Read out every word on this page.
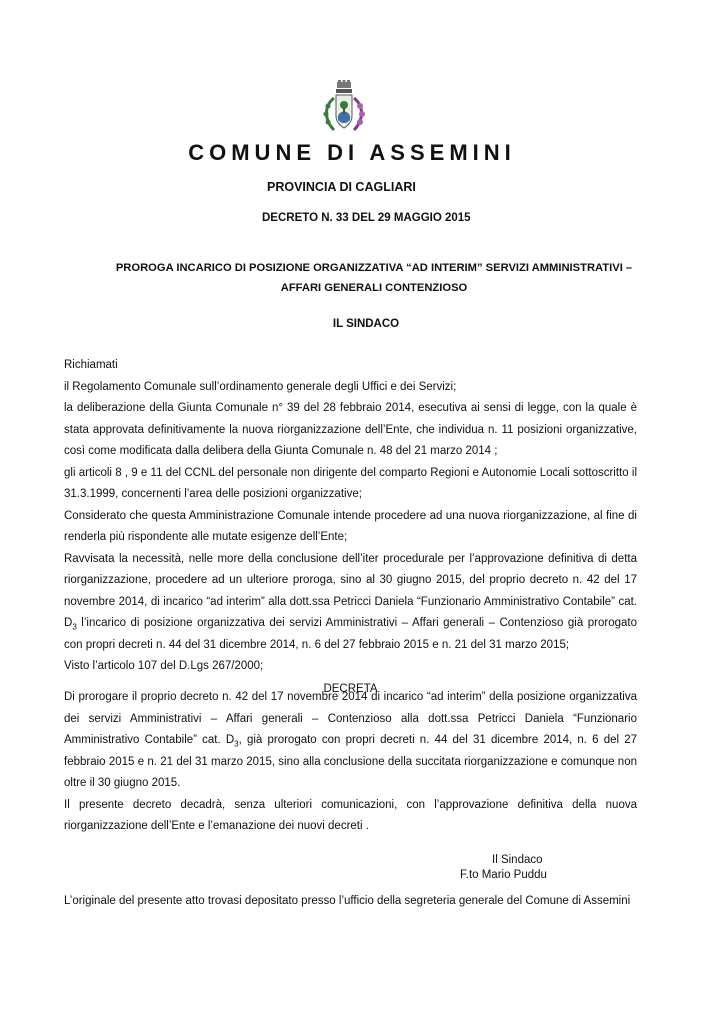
COMUNE DI ASSEMINI
PROVINCIA DI CAGLIARI
DECRETO N. 33 DEL 29 MAGGIO 2015
PROROGA INCARICO DI POSIZIONE ORGANIZZATIVA “AD INTERIM” SERVIZI AMMINISTRATIVI –
AFFARI GENERALI CONTENZIOSO
IL SINDACO

Richiamati

il Regolamento Comunale sull’ordinamento generale degli Uffici e dei Servizi;

la deliberazione della Giunta Comunale n° 39 del 28 febbraio 2014, esecutiva ai sensi di legge, con la quale è stata approvata definitivamente la nuova riorganizzazione dell’Ente, che individua n. 11 posizioni organizzative, così come modificata dalla delibera della Giunta Comunale n. 48 del 21 marzo 2014 ;

gli articoli 8 , 9 e 11 del CCNL del personale non dirigente del comparto Regioni e Autonomie Locali sottoscritto il 31.3.1999, concernenti l’area delle posizioni organizzative;

Considerato che questa Amministrazione Comunale intende procedere ad una nuova riorganizzazione, al fine di renderla più rispondente alle mutate esigenze dell’Ente;

Ravvisata la necessità, nelle more della conclusione dell’iter procedurale per l’approvazione definitiva di detta riorganizzazione, procedere ad un ulteriore proroga, sino al 30 giugno 2015, del proprio decreto n. 42 del 17 novembre 2014, di incarico “ad interim” alla dott.ssa Petricci Daniela “Funzionario Amministrativo Contabile” cat. $D_3$ l’incarico di posizione organizzativa dei servizi Amministrativi – Affari generali – Contenzioso già prorogato con propri decreti n. 44 del 31 dicembre 2014, n. 6 del 27 febbraio 2015 e n. 21 del 31 marzo 2015;

Visto l’articolo 107 del D.Lgs 267/2000;

DECRETA

Di prorogare il proprio decreto n. 42 del 17 novembre 2014 di incarico “ad interim” della posizione organizzativa dei servizi Amministrativi – Affari generali – Contenzioso alla dott.ssa Petricci Daniela “Funzionario Amministrativo Contabile” cat. $D_3$, già prorogato con propri decreti n. 44 del 31 dicembre 2014, n. 6 del 27 febbraio 2015 e n. 21 del 31 marzo 2015, sino alla conclusione della succitata riorganizzazione e comunque non oltre il 30 giugno 2015.

Il presente decreto decadrà, senza ulteriori comunicazioni, con l’approvazione definitiva della nuova riorganizzazione dell’Ente e l’emanazione dei nuovi decreti .

Il Sindaco
F.to Mario Puddu
L’originale del presente atto trovasi depositato presso l’ufficio della segreteria generale del Comune di Assemini
